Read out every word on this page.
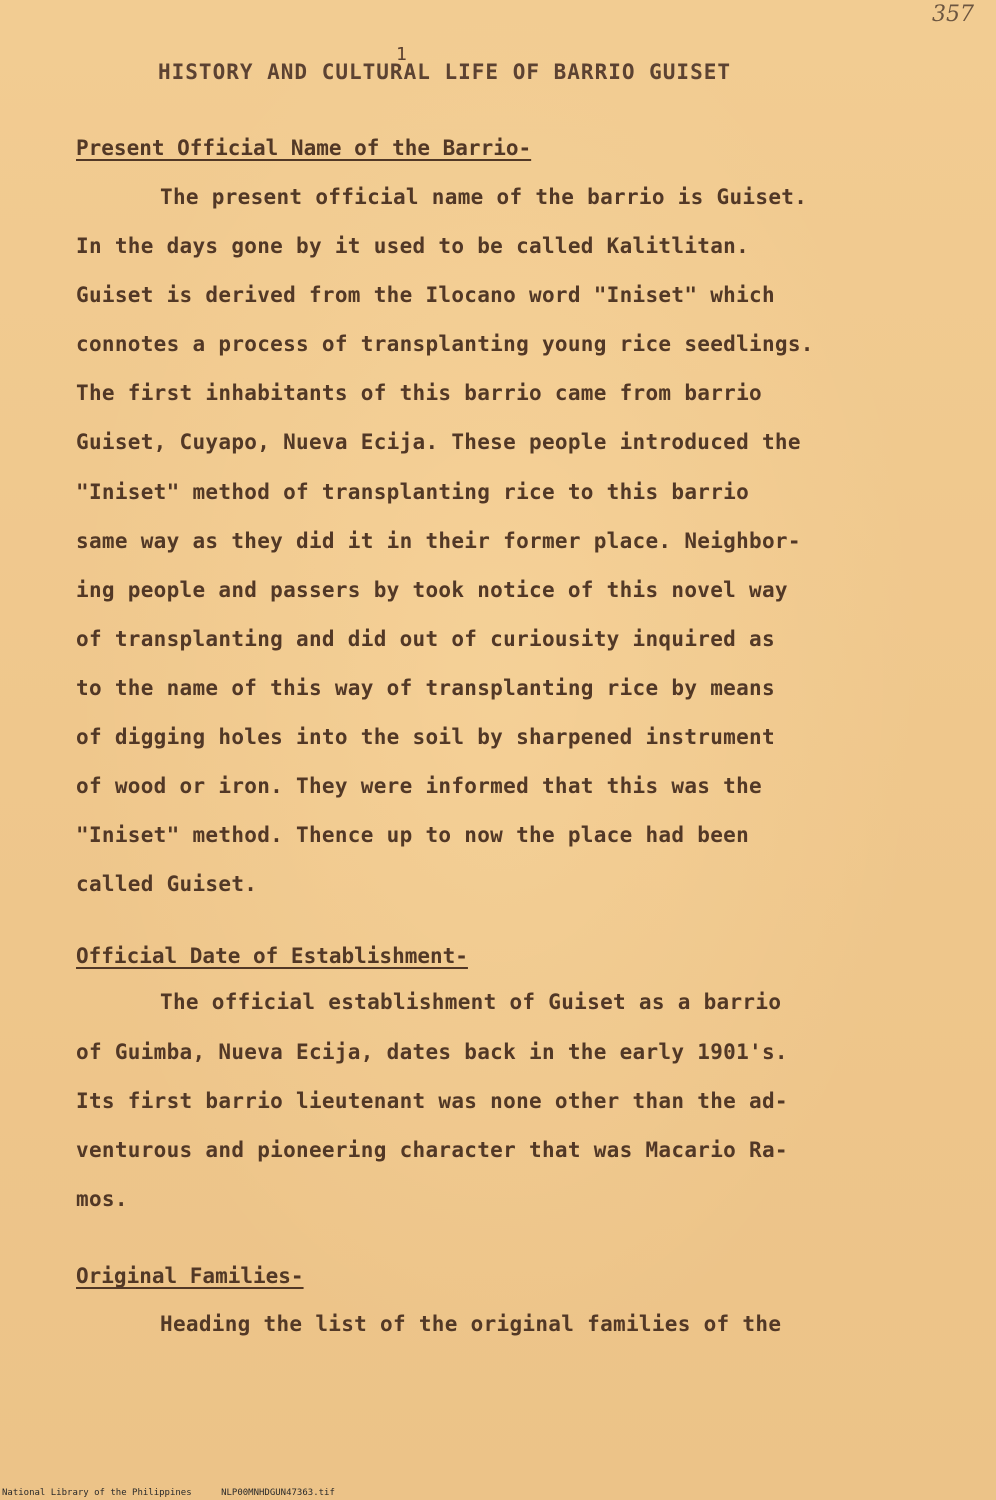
357
1
HISTORY AND CULTURAL LIFE OF BARRIO GUISET
Present Official Name of the Barrio-
The present official name of the barrio is Guiset.
In the days gone by it used to be called Kalitlitan.
Guiset is derived from the Ilocano word "Iniset" which
connotes a process of transplanting young rice seedlings.
The first inhabitants of this barrio came from barrio
Guiset, Cuyapo, Nueva Ecija. These people introduced the
"Iniset" method of transplanting rice to this barrio
same way as they did it in their former place. Neighbor-
ing people and passers by took notice of this novel way
of transplanting and did out of curiousity inquired as
to the name of this way of transplanting rice by means
of digging holes into the soil by sharpened instrument
of wood or iron. They were informed that this was the
"Iniset" method. Thence up to now the place had been
called Guiset.
Official Date of Establishment-
The official establishment of Guiset as a barrio
of Guimba, Nueva Ecija, dates back in the early 1901's.
Its first barrio lieutenant was none other than the ad-
venturous and pioneering character that was Macario Ra-
mos.
Original Families-
Heading the list of the original families of the
National Library of the Philippines	NLP00MNHDGUN47363.tif
